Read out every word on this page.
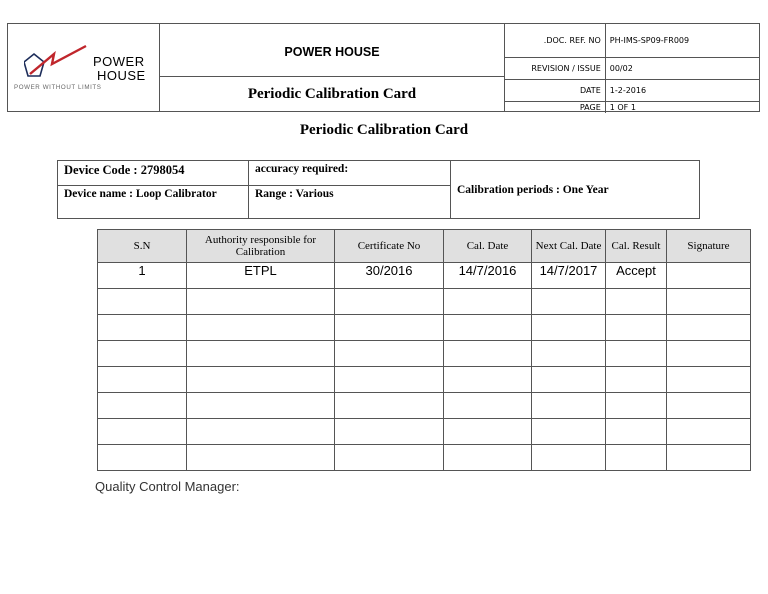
POWER
HOUSE
POWER WITHOUT LIMITS
POWER HOUSE
Periodic Calibration Card
.DOC. REF. NO	PH-IMS-SP09-FR009
REVISION / ISSUE	00/02
DATE	1-2-2016
PAGE	1 OF 1
Periodic Calibration Card
Device Code : 2798054	accuracy required:
Device name : Loop Calibrator	Range : Various	Calibration periods : One Year
S.N	Authority responsible for Calibration	Certificate No	Cal. Date	Next Cal. Date	Cal. Result	Signature
1	ETPL	30/2016	14/7/2016	14/7/2017	Accept	

Quality Control Manager:
